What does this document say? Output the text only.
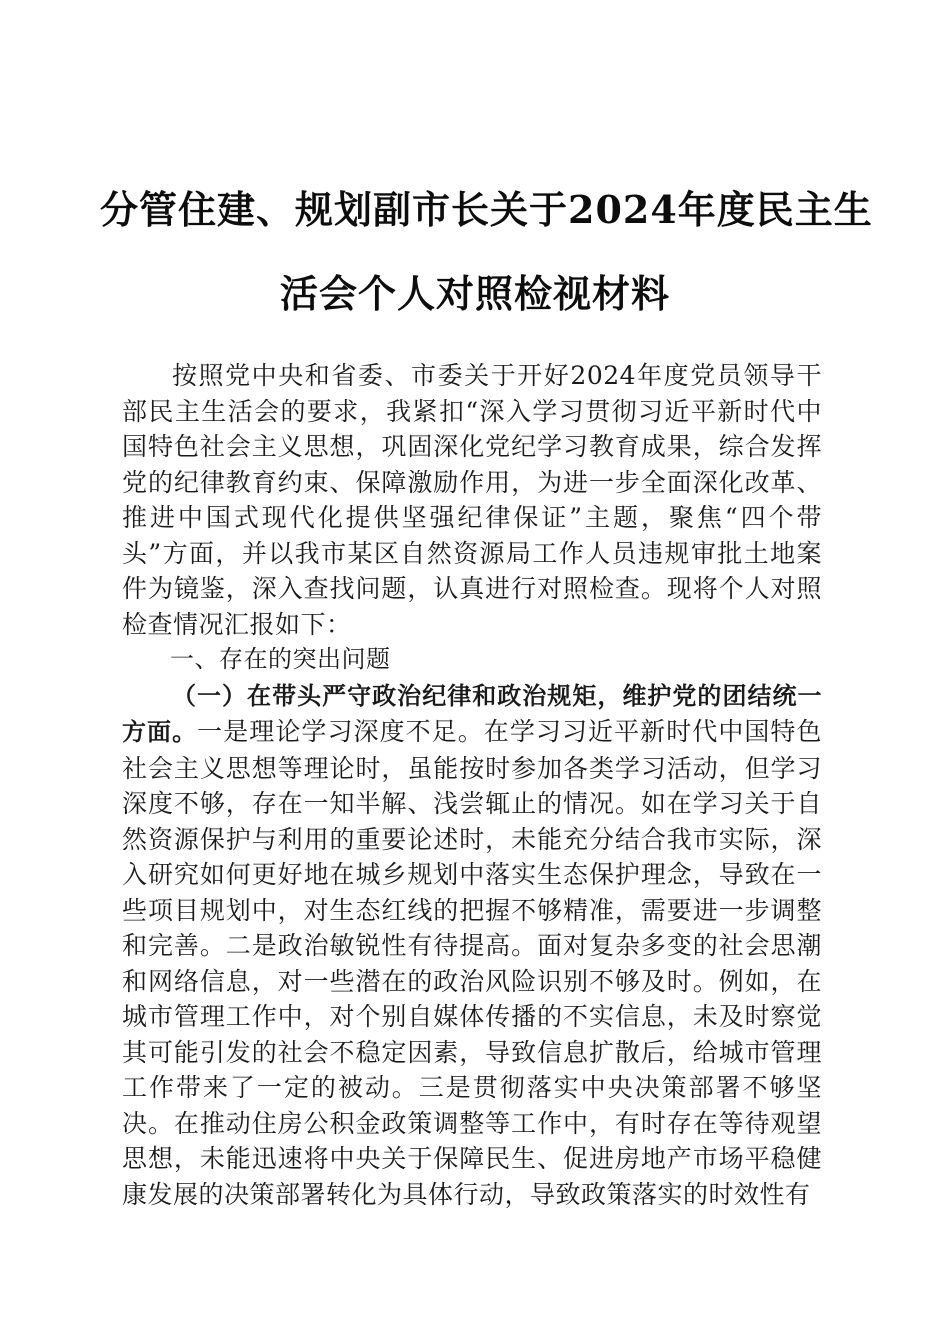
分管住建、规划副市长关于2024年度民主生
活会个人对照检视材料

按照党中央和省委、市委关于开好2024年度党员领导干部民主生活会的要求，我紧扣“深入学习贯彻习近平新时代中国特色社会主义思想，巩固深化党纪学习教育成果，综合发挥党的纪律教育约束、保障激励作用，为进一步全面深化改革、推进中国式现代化提供坚强纪律保证”主题，聚焦“四个带头”方面，并以我市某区自然资源局工作人员违规审批土地案件为镜鉴，深入查找问题，认真进行对照检查。现将个人对照检查情况汇报如下：

一、存在的突出问题

（一）在带头严守政治纪律和政治规矩，维护党的团结统一方面。一是理论学习深度不足。在学习习近平新时代中国特色社会主义思想等理论时，虽能按时参加各类学习活动，但学习深度不够，存在一知半解、浅尝辄止的情况。如在学习关于自然资源保护与利用的重要论述时，未能充分结合我市实际，深入研究如何更好地在城乡规划中落实生态保护理念，导致在一些项目规划中，对生态红线的把握不够精准，需要进一步调整和完善。二是政治敏锐性有待提高。面对复杂多变的社会思潮和网络信息，对一些潜在的政治风险识别不够及时。例如，在城市管理工作中，对个别自媒体传播的不实信息，未及时察觉其可能引发的社会不稳定因素，导致信息扩散后，给城市管理工作带来了一定的被动。三是贯彻落实中央决策部署不够坚决。在推动住房公积金政策调整等工作中，有时存在等待观望思想，未能迅速将中央关于保障民生、促进房地产市场平稳健康发展的决策部署转化为具体行动，导致政策落实的时效性有
